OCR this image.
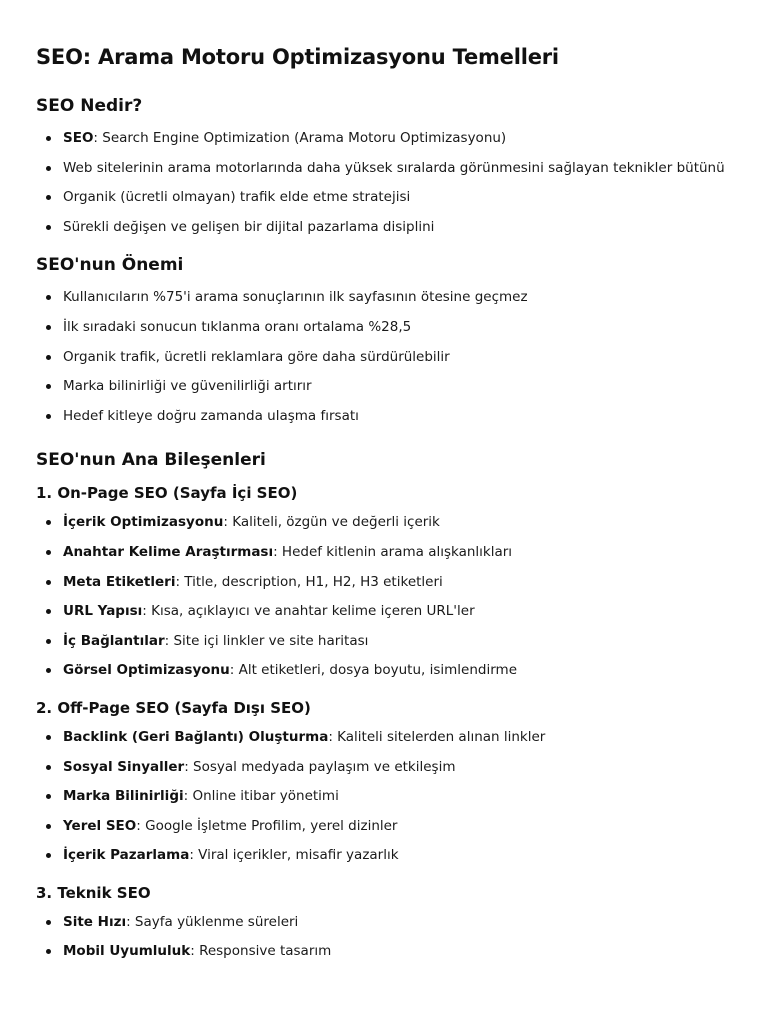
SEO: Arama Motoru Optimizasyonu Temelleri
SEO Nedir?
SEO: Search Engine Optimization (Arama Motoru Optimizasyonu)
Web sitelerinin arama motorlarında daha yüksek sıralarda görünmesini sağlayan teknikler bütünü
Organik (ücretli olmayan) trafik elde etme stratejisi
Sürekli değişen ve gelişen bir dijital pazarlama disiplini
SEO'nun Önemi
Kullanıcıların %75'i arama sonuçlarının ilk sayfasının ötesine geçmez
İlk sıradaki sonucun tıklanma oranı ortalama %28,5
Organik trafik, ücretli reklamlara göre daha sürdürülebilir
Marka bilinirliği ve güvenilirliği artırır
Hedef kitleye doğru zamanda ulaşma fırsatı
SEO'nun Ana Bileşenleri
1. On-Page SEO (Sayfa İçi SEO)
İçerik Optimizasyonu: Kaliteli, özgün ve değerli içerik
Anahtar Kelime Araştırması: Hedef kitlenin arama alışkanlıkları
Meta Etiketleri: Title, description, H1, H2, H3 etiketleri
URL Yapısı: Kısa, açıklayıcı ve anahtar kelime içeren URL'ler
İç Bağlantılar: Site içi linkler ve site haritası
Görsel Optimizasyonu: Alt etiketleri, dosya boyutu, isimlendirme
2. Off-Page SEO (Sayfa Dışı SEO)
Backlink (Geri Bağlantı) Oluşturma: Kaliteli sitelerden alınan linkler
Sosyal Sinyaller: Sosyal medyada paylaşım ve etkileşim
Marka Bilinirliği: Online itibar yönetimi
Yerel SEO: Google İşletme Profilim, yerel dizinler
İçerik Pazarlama: Viral içerikler, misafir yazarlık
3. Teknik SEO
Site Hızı: Sayfa yüklenme süreleri
Mobil Uyumluluk: Responsive tasarım
